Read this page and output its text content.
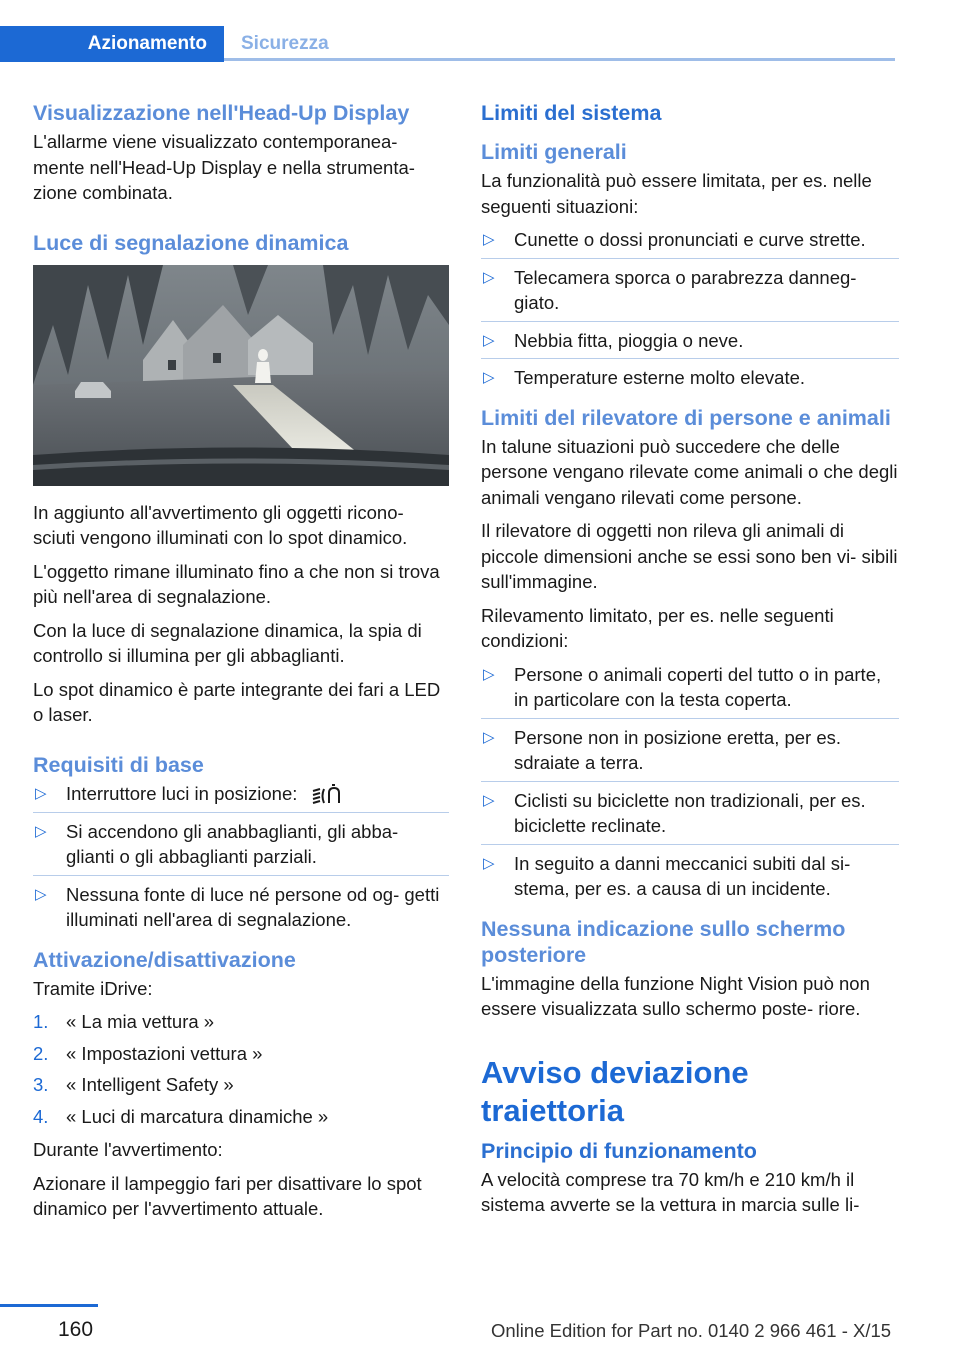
Azionamento	Sicurezza
Visualizzazione nell'Head-Up Display

L'allarme viene visualizzato contemporanea‐ mente nell'Head-Up Display e nella strumenta‐ zione combinata.

Luce di segnalazione dinamica

In aggiunto all'avvertimento gli oggetti ricono‐ sciuti vengono illuminati con lo spot dinamico.

L'oggetto rimane illuminato fino a che non si trova più nell'area di segnalazione.

Con la luce di segnalazione dinamica, la spia di controllo si illumina per gli abbaglianti.

Lo spot dinamico è parte integrante dei fari a LED o laser.

Requisiti di base
▷ Interruttore luci in posizione:
▷ Si accendono gli anabbaglianti, gli abba‐ glianti o gli abbaglianti parziali.
▷ Nessuna fonte di luce né persone od og‐ getti illuminati nell'area di segnalazione.
Attivazione/disattivazione

Tramite iDrive:

1. « La mia vettura »
2. « Impostazioni vettura »
3. « Intelligent Safety »
4. « Luci di marcatura dinamiche »

Durante l'avvertimento:

Azionare il lampeggio fari per disattivare lo spot dinamico per l'avvertimento attuale.

Limiti del sistema
Limiti generali

La funzionalità può essere limitata, per es. nelle seguenti situazioni:

▷ Cunette o dossi pronunciati e curve strette.
▷ Telecamera sporca o parabrezza danneg‐ giato.
▷ Nebbia fitta, pioggia o neve.
▷ Temperature esterne molto elevate.
Limiti del rilevatore di persone e animali

In talune situazioni può succedere che delle persone vengano rilevate come animali o che degli animali vengano rilevati come persone.

Il rilevatore di oggetti non rileva gli animali di piccole dimensioni anche se essi sono ben vi‐ sibili sull'immagine.

Rilevamento limitato, per es. nelle seguenti condizioni:

▷ Persone o animali coperti del tutto o in parte, in particolare con la testa coperta.
▷ Persone non in posizione eretta, per es. sdraiate a terra.
▷ Ciclisti su biciclette non tradizionali, per es. biciclette reclinate.
▷ In seguito a danni meccanici subiti dal si‐ stema, per es. a causa di un incidente.
Nessuna indicazione sullo schermo posteriore

L'immagine della funzione Night Vision può non essere visualizzata sullo schermo poste‐ riore.

Avviso deviazione traiettoria
Principio di funzionamento

A velocità comprese tra 70 km/h e 210 km/h il sistema avverte se la vettura in marcia sulle li‐

160	Online Edition for Part no. 0140 2 966 461 - X/15
